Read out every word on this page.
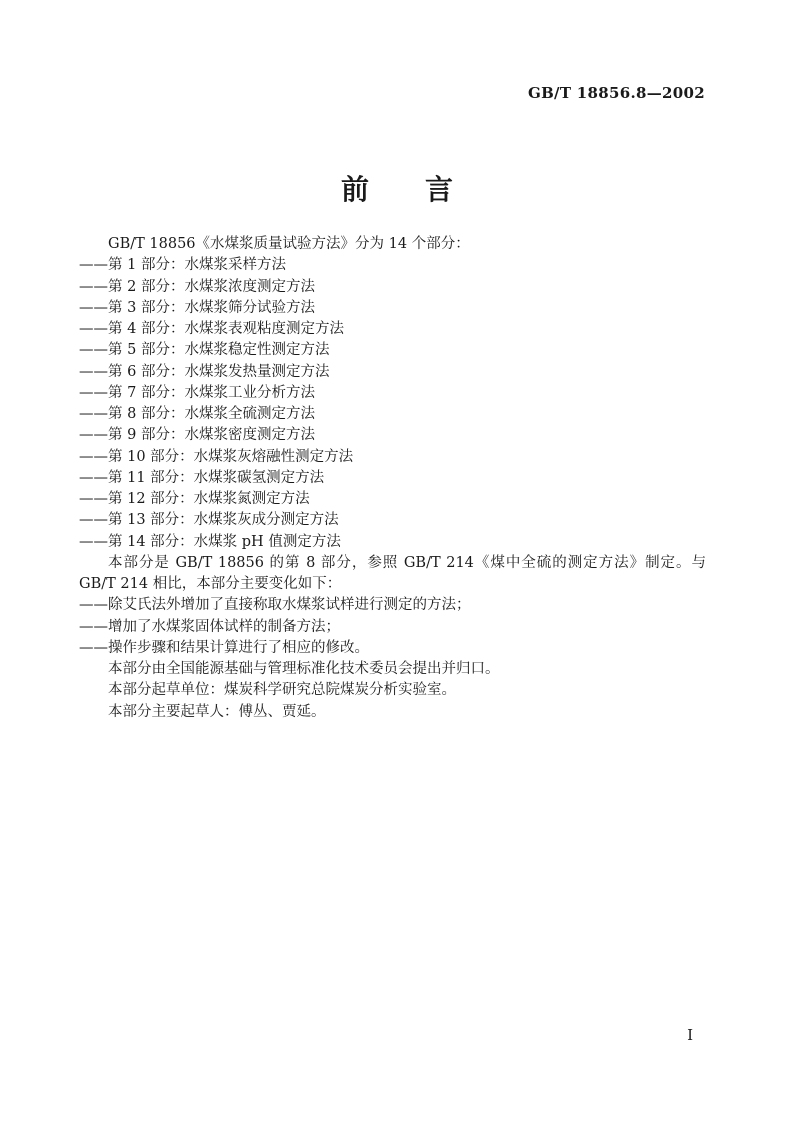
GB/T 18856.8—2002
前　　言

GB/T 18856《水煤浆质量试验方法》分为 14 个部分：

——第 1 部分：水煤浆采样方法

——第 2 部分：水煤浆浓度测定方法

——第 3 部分：水煤浆筛分试验方法

——第 4 部分：水煤浆表观粘度测定方法

——第 5 部分：水煤浆稳定性测定方法

——第 6 部分：水煤浆发热量测定方法

——第 7 部分：水煤浆工业分析方法

——第 8 部分：水煤浆全硫测定方法

——第 9 部分：水煤浆密度测定方法

——第 10 部分：水煤浆灰熔融性测定方法

——第 11 部分：水煤浆碳氢测定方法

——第 12 部分：水煤浆氮测定方法

——第 13 部分：水煤浆灰成分测定方法

——第 14 部分：水煤浆 pH 值测定方法

本部分是 GB/T 18856 的第 8 部分，参照 GB/T 214《煤中全硫的测定方法》制定。与 GB/T 214 相比，本部分主要变化如下：

——除艾氏法外增加了直接称取水煤浆试样进行测定的方法；

——增加了水煤浆固体试样的制备方法；

——操作步骤和结果计算进行了相应的修改。

本部分由全国能源基础与管理标准化技术委员会提出并归口。

本部分起草单位：煤炭科学研究总院煤炭分析实验室。

本部分主要起草人：傅丛、贾延。

I
